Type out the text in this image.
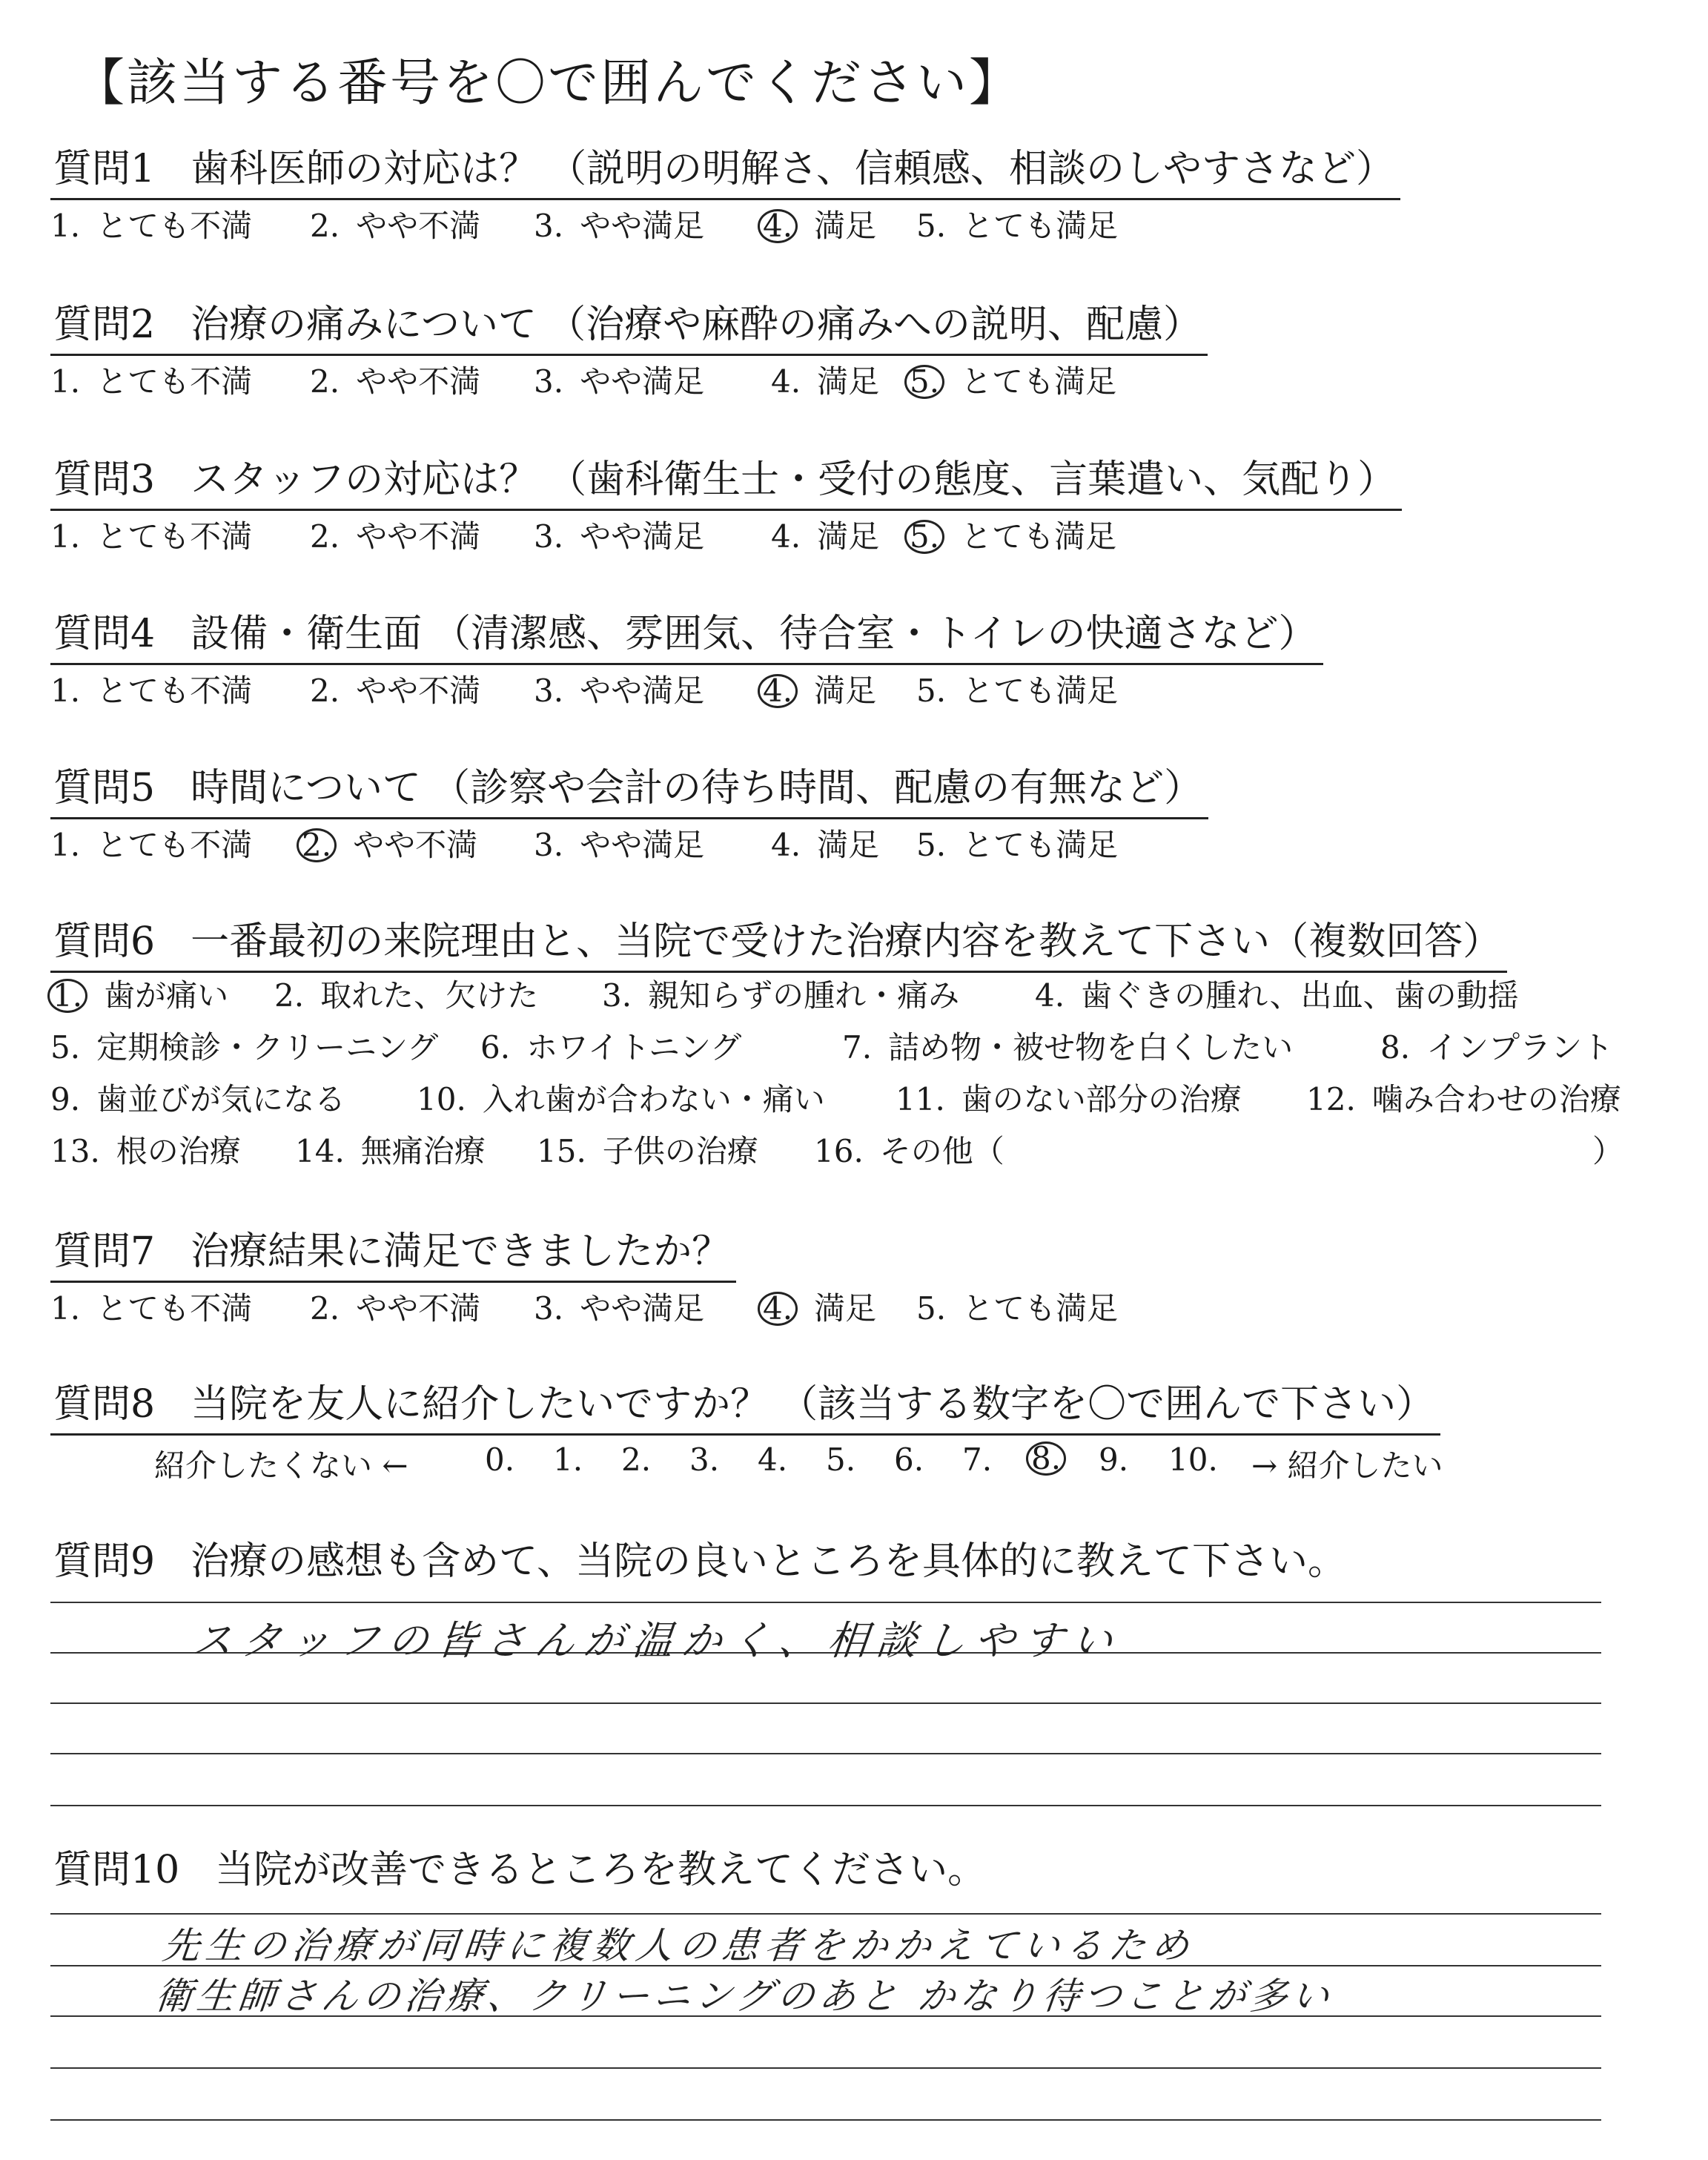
【該当する番号を〇で囲んでください】
質問1 歯科医師の対応は？ （説明の明解さ、信頼感、相談のしやすさなど）
1. とても不満 2. やや不満 3. やや満足 4. 満足 5. とても満足
質問2 治療の痛みについて （治療や麻酔の痛みへの説明、配慮）
1. とても不満 2. やや不満 3. やや満足 4. 満足 5. とても満足
質問3 スタッフの対応は？ （歯科衛生士・受付の態度、言葉遣い、気配り）
1. とても不満 2. やや不満 3. やや満足 4. 満足 5. とても満足
質問4 設備・衛生面 （清潔感、雰囲気、待合室・トイレの快適さなど）
1. とても不満 2. やや不満 3. やや満足 4. 満足 5. とても満足
質問5 時間について （診察や会計の待ち時間、配慮の有無など）
1. とても不満 2. やや不満 3. やや満足 4. 満足 5. とても満足
質問6 一番最初の来院理由と、当院で受けた治療内容を教えて下さい（複数回答）
1. 歯が痛い 2. 取れた、欠けた 3. 親知らずの腫れ・痛み 4. 歯ぐきの腫れ、出血、歯の動揺
5. 定期検診・クリーニング 6. ホワイトニング	7. 詰め物・被せ物を白くしたい	8. インプラント
9. 歯並びが気になる 10. 入れ歯が合わない・痛い 11. 歯のない部分の治療 12. 噛み合わせの治療
13. 根の治療 14. 無痛治療 15. 子供の治療 16. その他（	）
質問7 治療結果に満足できましたか？
1. とても不満 2. やや不満 3. やや満足 4. 満足 5. とても満足
質問8 当院を友人に紹介したいですか？ （該当する数字を〇で囲んで下さい）
紹介したくない ← 0. 1. 2. 3. 4. 5. 6. 7. 8. 9. 10. → 紹介したい
質問9 治療の感想も含めて、当院の良いところを具体的に教えて下さい。
スタッフの皆さんが温かく、相談しやすい
質問10 当院が改善できるところを教えてください。
先生の治療が同時に複数人の患者をかかえているため
衛生師さんの治療、クリーニングのあと かなり待つことが多い
